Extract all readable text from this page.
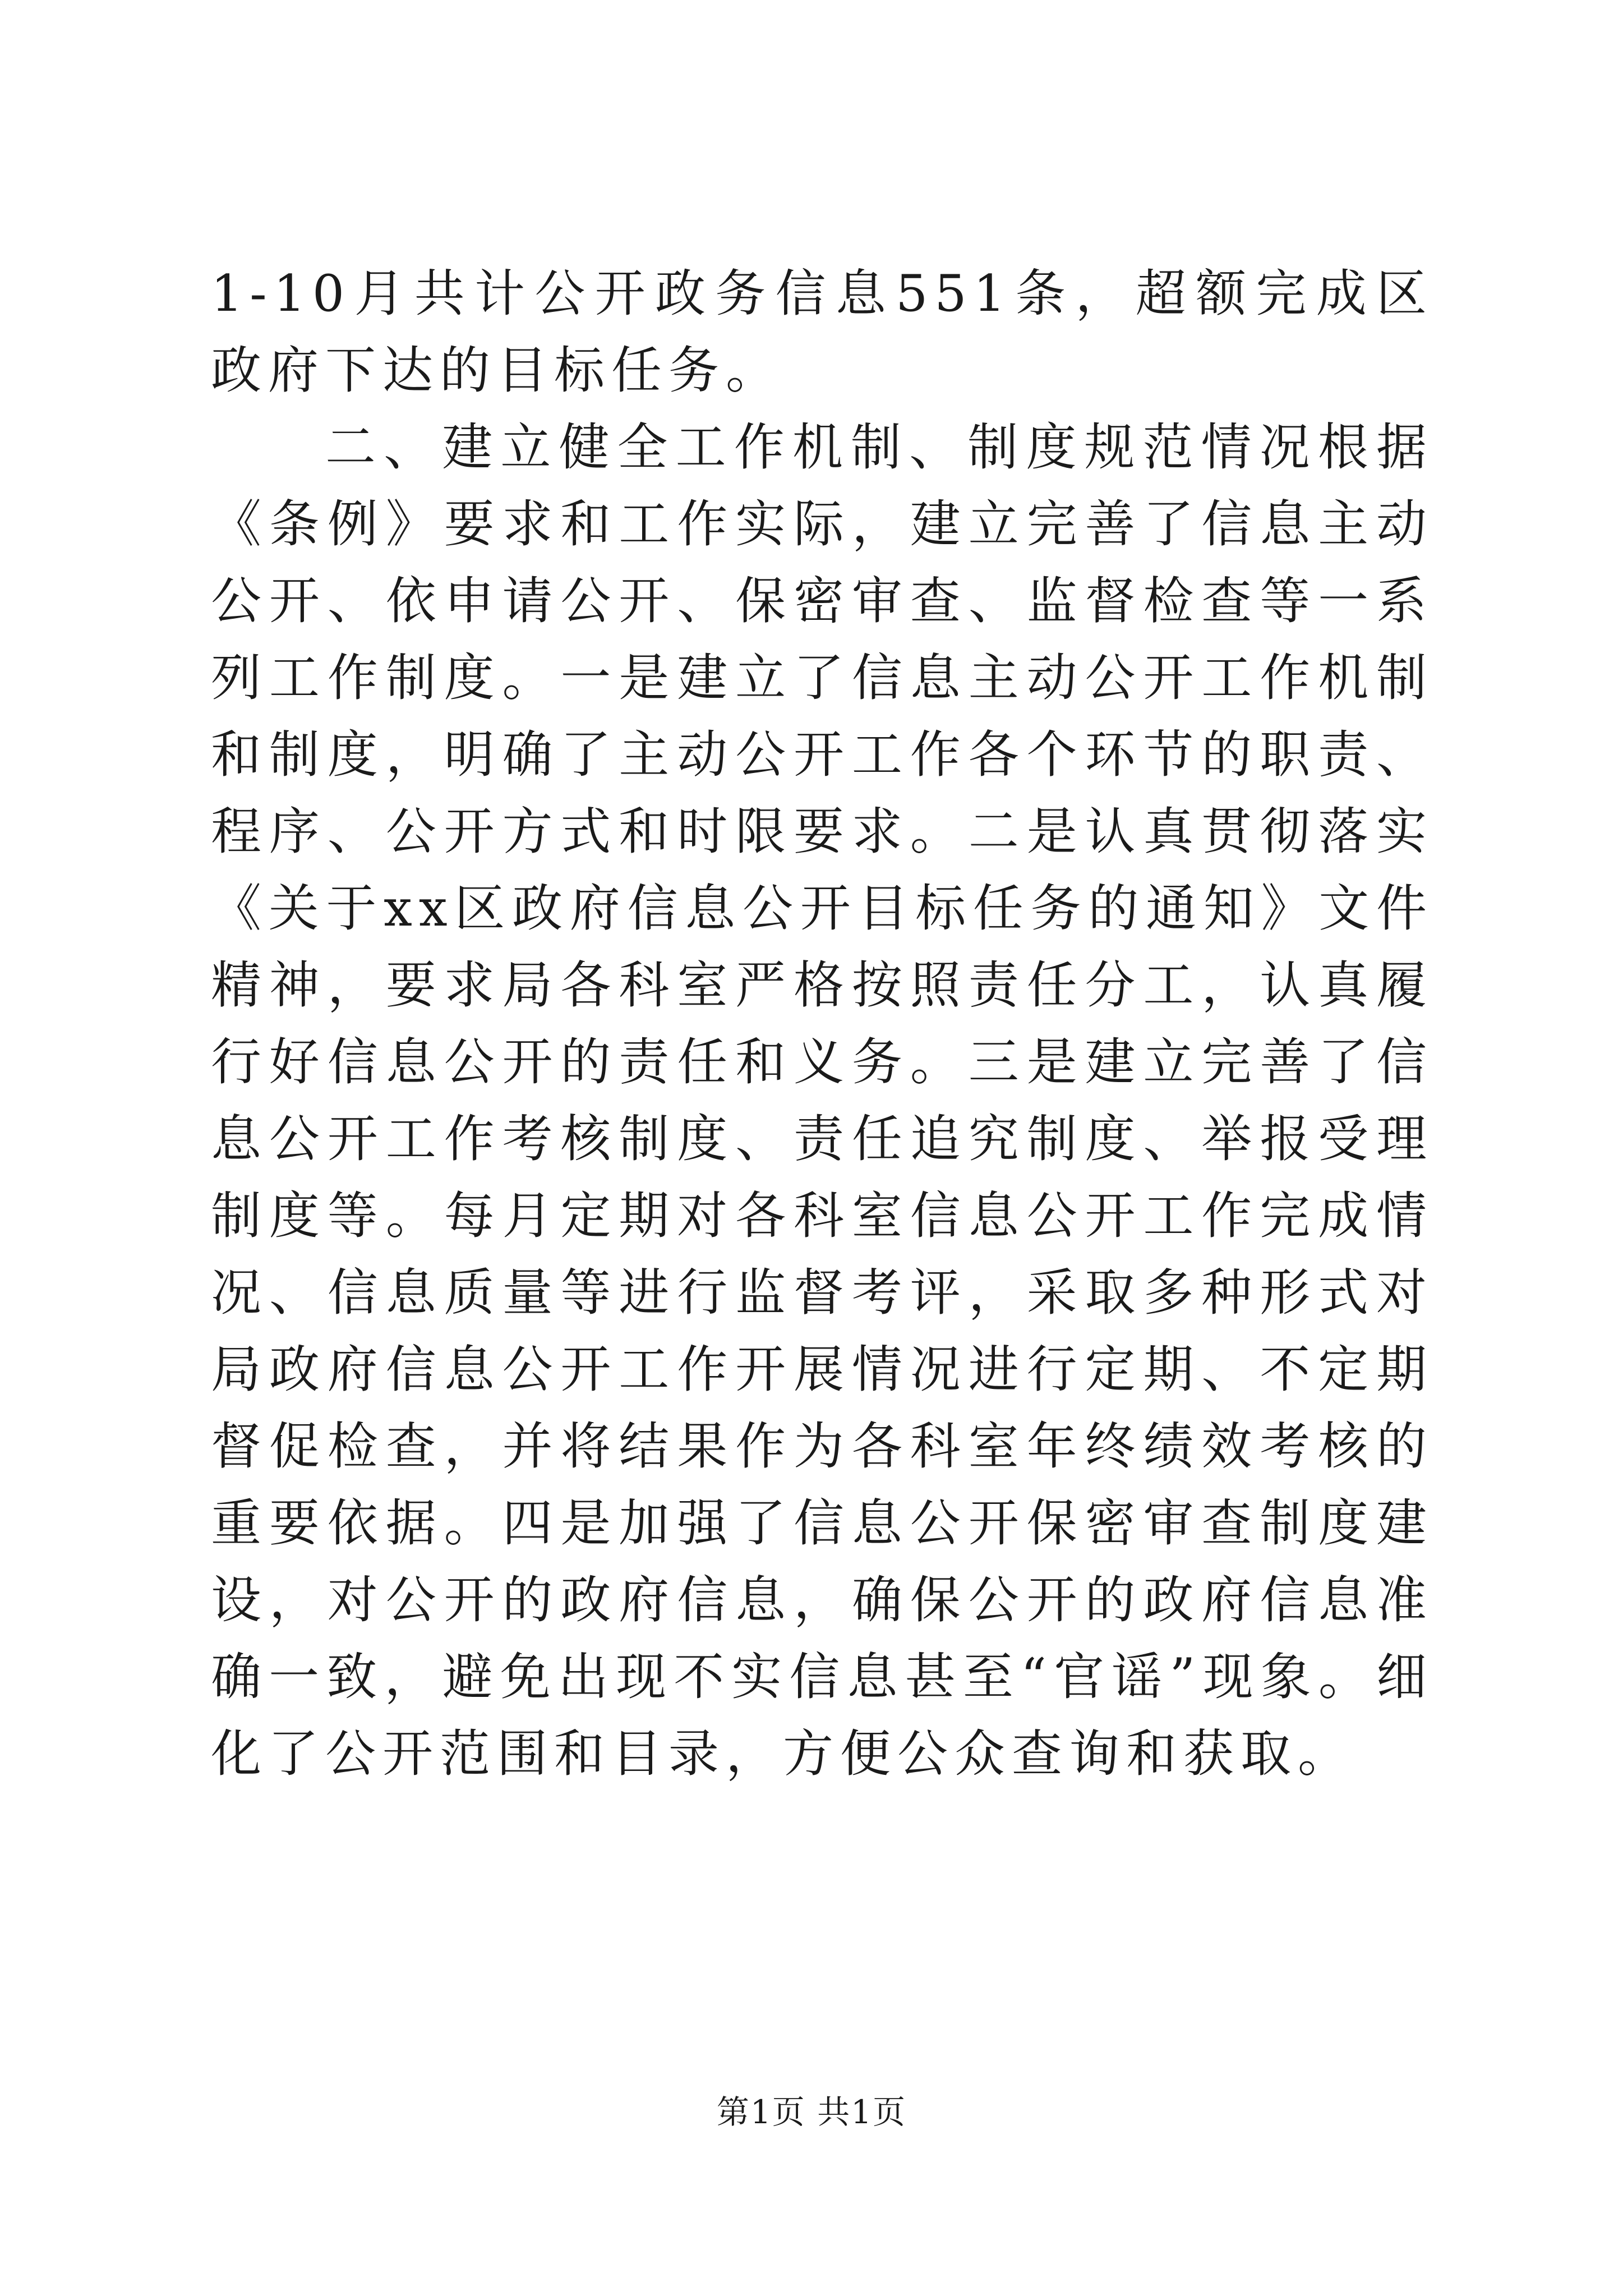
1-10月共计公开政务信息551条，超额完成区政府下达的目标任务。

二、建立健全工作机制、制度规范情况根据《条例》要求和工作实际，建立完善了信息主动公开、依申请公开、保密审查、监督检查等一系列工作制度。一是建立了信息主动公开工作机制和制度，明确了主动公开工作各个环节的职责、程序、公开方式和时限要求。二是认真贯彻落实《关于xx区政府信息公开目标任务的通知》文件精神，要求局各科室严格按照责任分工，认真履行好信息公开的责任和义务。三是建立完善了信息公开工作考核制度、责任追究制度、举报受理制度等。每月定期对各科室信息公开工作完成情况、信息质量等进行监督考评，采取多种形式对局政府信息公开工作开展情况进行定期、不定期督促检查，并将结果作为各科室年终绩效考核的重要依据。四是加强了信息公开保密审查制度建设，对公开的政府信息，确保公开的政府信息准确一致，避免出现不实信息甚至“官谣”现象。细化了公开范围和目录，方便公众查询和获取。

第1页 共1页
